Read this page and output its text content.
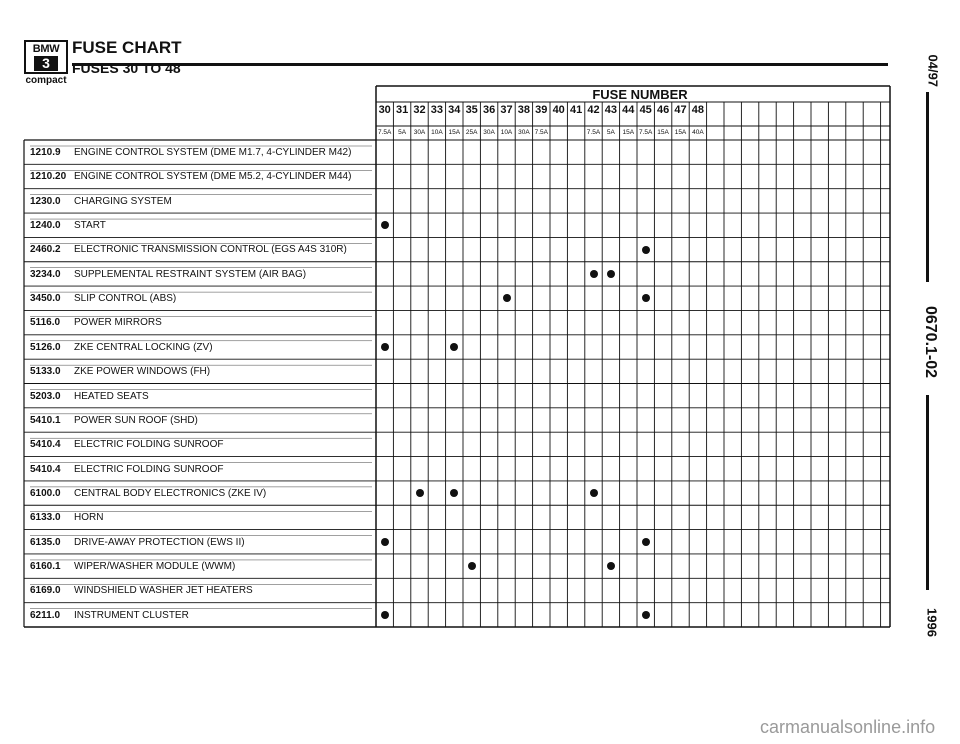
BMW
3
compact
FUSE CHART
FUSES 30 TO 48	04/97
0670.1-02
1996
FUSE NUMBER
30
7.5A
31
5A
32
30A
33
10A
34
15A
35
25A
36
30A
37
10A
38
30A
39
7.5A
40 41 42
7.5A
43
5A
44
15A
45
7.5A
46
15A
47
15A
48
40A
1210.9 ENGINE CONTROL SYSTEM (DME M1.7, 4-CYLINDER M42)
1210.20 ENGINE CONTROL SYSTEM (DME M5.2, 4-CYLINDER M44)
1230.0 CHARGING SYSTEM
1240.0 START
2460.2 ELECTRONIC TRANSMISSION CONTROL (EGS A4S 310R)
3234.0 SUPPLEMENTAL RESTRAINT SYSTEM (AIR BAG)
3450.0 SLIP CONTROL (ABS)
5116.0 POWER MIRRORS
5126.0 ZKE CENTRAL LOCKING (ZV)
5133.0 ZKE POWER WINDOWS (FH)
5203.0 HEATED SEATS
5410.1 POWER SUN ROOF (SHD)
5410.4 ELECTRIC FOLDING SUNROOF
5410.4 ELECTRIC FOLDING SUNROOF
6100.0 CENTRAL BODY ELECTRONICS (ZKE IV)
6133.0 HORN
6135.0 DRIVE-AWAY PROTECTION (EWS II)
6160.1 WIPER/WASHER MODULE (WWM)
6169.0 WINDSHIELD WASHER JET HEATERS
6211.0 INSTRUMENT CLUSTER
carmanualsonline.info
